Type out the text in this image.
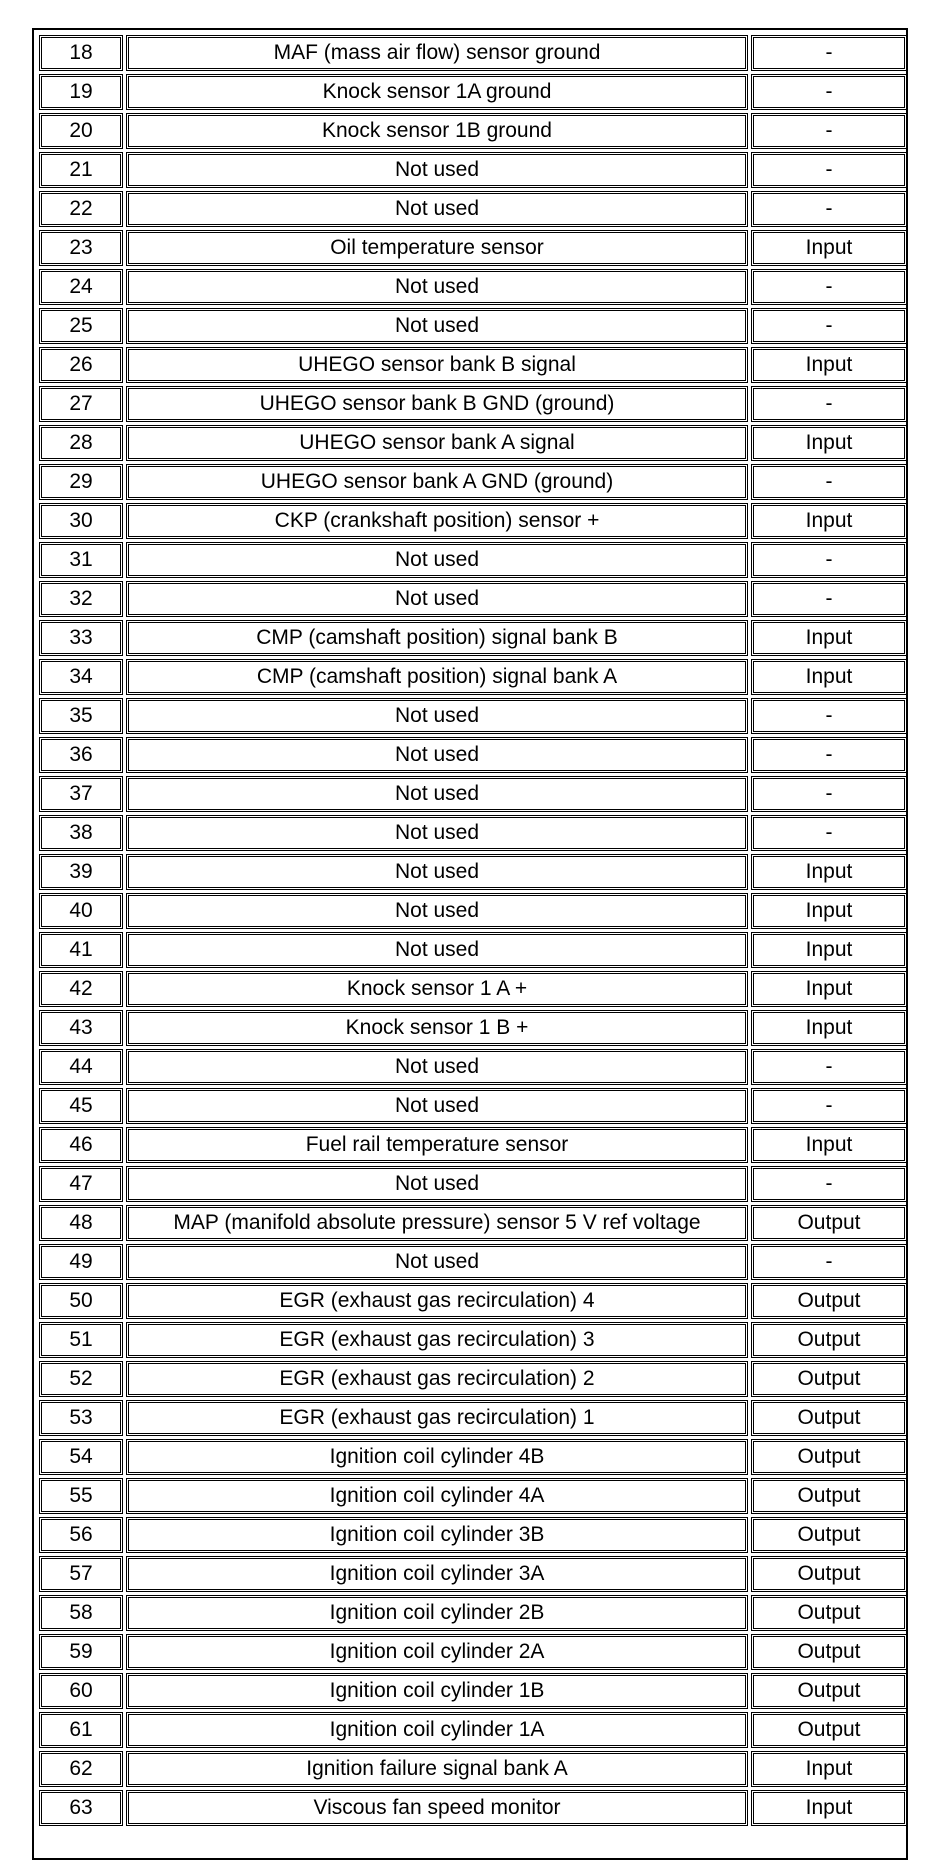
18	MAF (mass air flow) sensor ground	-
19	Knock sensor 1A ground	-
20	Knock sensor 1B ground	-
21	Not used	-
22	Not used	-
23	Oil temperature sensor	Input
24	Not used	-
25	Not used	-
26	UHEGO sensor bank B signal	Input
27	UHEGO sensor bank B GND (ground)	-
28	UHEGO sensor bank A signal	Input
29	UHEGO sensor bank A GND (ground)	-
30	CKP (crankshaft position) sensor +	Input
31	Not used	-
32	Not used	-
33	CMP (camshaft position) signal bank B	Input
34	CMP (camshaft position) signal bank A	Input
35	Not used	-
36	Not used	-
37	Not used	-
38	Not used	-
39	Not used	Input
40	Not used	Input
41	Not used	Input
42	Knock sensor 1 A +	Input
43	Knock sensor 1 B +	Input
44	Not used	-
45	Not used	-
46	Fuel rail temperature sensor	Input
47	Not used	-
48	MAP (manifold absolute pressure) sensor 5 V ref voltage	Output
49	Not used	-
50	EGR (exhaust gas recirculation) 4	Output
51	EGR (exhaust gas recirculation) 3	Output
52	EGR (exhaust gas recirculation) 2	Output
53	EGR (exhaust gas recirculation) 1	Output
54	Ignition coil cylinder 4B	Output
55	Ignition coil cylinder 4A	Output
56	Ignition coil cylinder 3B	Output
57	Ignition coil cylinder 3A	Output
58	Ignition coil cylinder 2B	Output
59	Ignition coil cylinder 2A	Output
60	Ignition coil cylinder 1B	Output
61	Ignition coil cylinder 1A	Output
62	Ignition failure signal bank A	Input
63	Viscous fan speed monitor	Input
